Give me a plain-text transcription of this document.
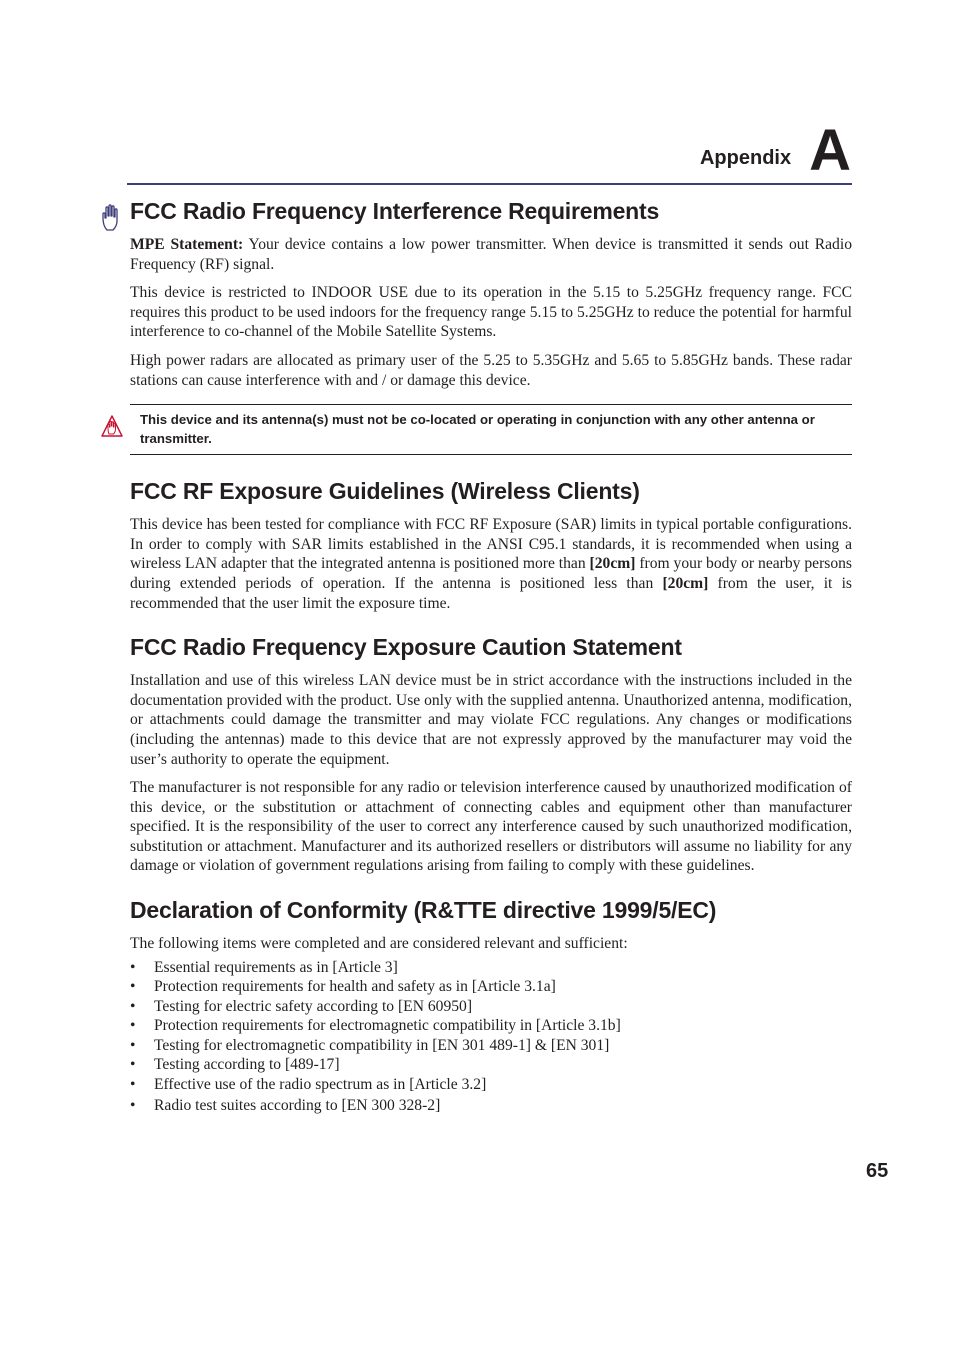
Appendix A
FCC Radio Frequency Interference Requirements

MPE Statement: Your device contains a low power transmitter. When device is transmitted it sends out Radio Frequency (RF) signal.

This device is restricted to INDOOR USE due to its operation in the 5.15 to 5.25GHz frequency range. FCC requires this product to be used indoors for the frequency range 5.15 to 5.25GHz to reduce the potential for harmful interference to co-channel of the Mobile Satellite Systems.

High power radars are allocated as primary user of the 5.25 to 5.35GHz and 5.65 to 5.85GHz bands. These radar stations can cause interference with and / or damage this device.

This device and its antenna(s) must not be co-located or operating in conjunction with any other antenna or transmitter.
FCC RF Exposure Guidelines (Wireless Clients)

This device has been tested for compliance with FCC RF Exposure (SAR) limits in typical portable configurations. In order to comply with SAR limits established in the ANSI C95.1 standards, it is recommended when using a wireless LAN adapter that the integrated antenna is positioned more than [20cm] from your body or nearby persons during extended periods of operation. If the antenna is positioned less than [20cm] from the user, it is recommended that the user limit the exposure time.

FCC Radio Frequency Exposure Caution Statement

Installation and use of this wireless LAN device must be in strict accordance with the instructions included in the documentation provided with the product. Use only with the supplied antenna. Unauthorized antenna, modification, or attachments could damage the transmitter and may violate FCC regulations. Any changes or modifications (including the antennas) made to this device that are not expressly approved by the manufacturer may void the user’s authority to operate the equipment.

The manufacturer is not responsible for any radio or television interference caused by unauthorized modification of this device, or the substitution or attachment of connecting cables and equipment other than manufacturer specified. It is the responsibility of the user to correct any interference caused by such unauthorized modification, substitution or attachment. Manufacturer and its authorized resellers or distributors will assume no liability for any damage or violation of government regulations arising from failing to comply with these guidelines.

Declaration of Conformity (R&TTE directive 1999/5/EC)

The following items were completed and are considered relevant and sufficient:

• Essential requirements as in [Article 3]
• Protection requirements for health and safety as in [Article 3.1a]
• Testing for electric safety according to [EN 60950]
• Protection requirements for electromagnetic compatibility in [Article 3.1b]
• Testing for electromagnetic compatibility in [EN 301 489-1] & [EN 301]
• Testing according to [489-17]
• Effective use of the radio spectrum as in [Article 3.2]
• Radio test suites according to [EN 300 328-2]
65
